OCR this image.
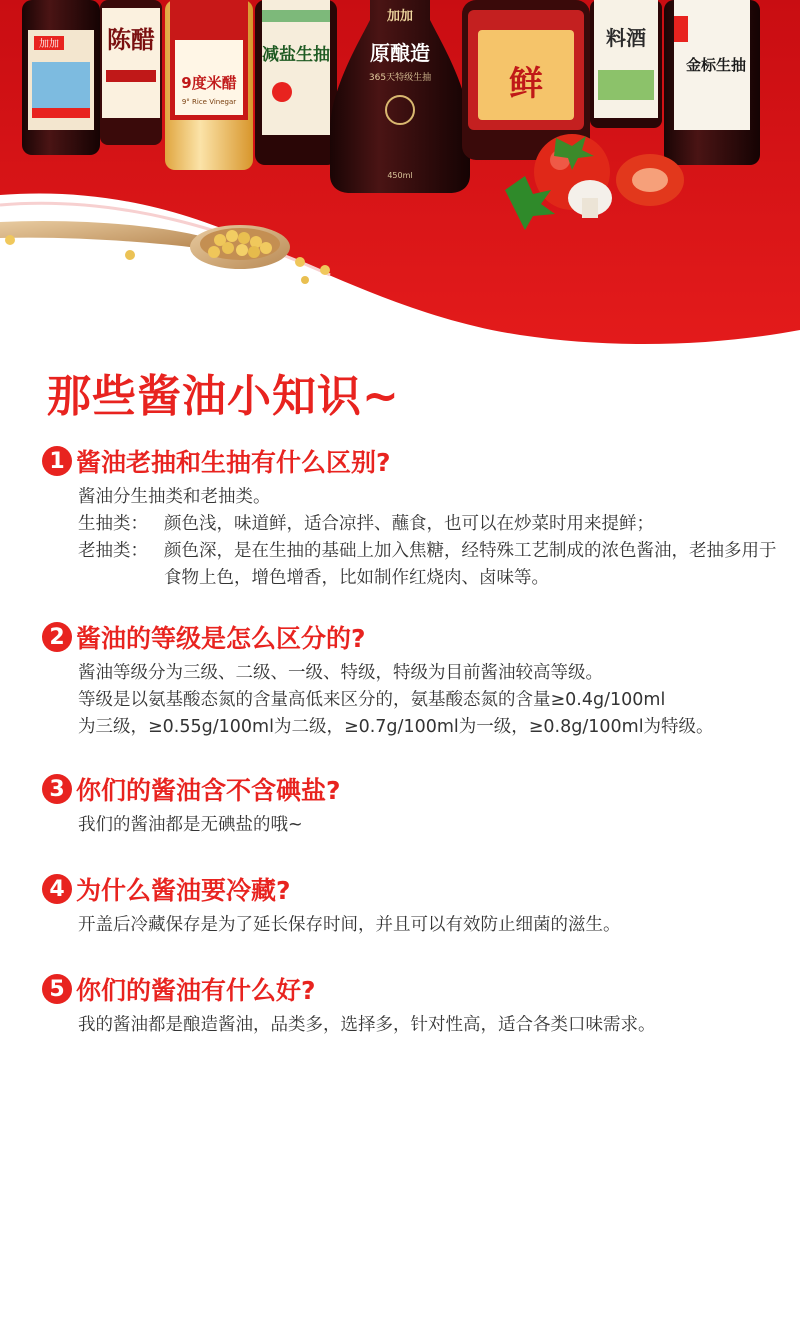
加加 陈醋
9度米醋
9° Rice Vinegar
减盐生抽
加加
原酿造
365天特级生抽
450ml
鲜
料酒
金标生抽
那些酱油小知识~
1 酱油老抽和生抽有什么区别?
酱油分生抽类和老抽类。
生抽类： 颜色浅，味道鲜，适合凉拌、蘸食，也可以在炒菜时用来提鲜；
老抽类： 颜色深，是在生抽的基础上加入焦糖，经特殊工艺制成的浓色酱油，老抽多用于食物上色，增色增香，比如制作红烧肉、卤味等。
2 酱油的等级是怎么区分的?
酱油等级分为三级、二级、一级、特级，特级为目前酱油较高等级。
等级是以氨基酸态氮的含量高低来区分的，氨基酸态氮的含量≥0.4g/100ml
为三级，≥0.55g/100ml为二级，≥0.7g/100ml为一级，≥0.8g/100ml为特级。
3 你们的酱油含不含碘盐?
我们的酱油都是无碘盐的哦~
4 为什么酱油要冷藏?
开盖后冷藏保存是为了延长保存时间，并且可以有效防止细菌的滋生。
5 你们的酱油有什么好?
我的酱油都是酿造酱油，品类多，选择多，针对性高，适合各类口味需求。
